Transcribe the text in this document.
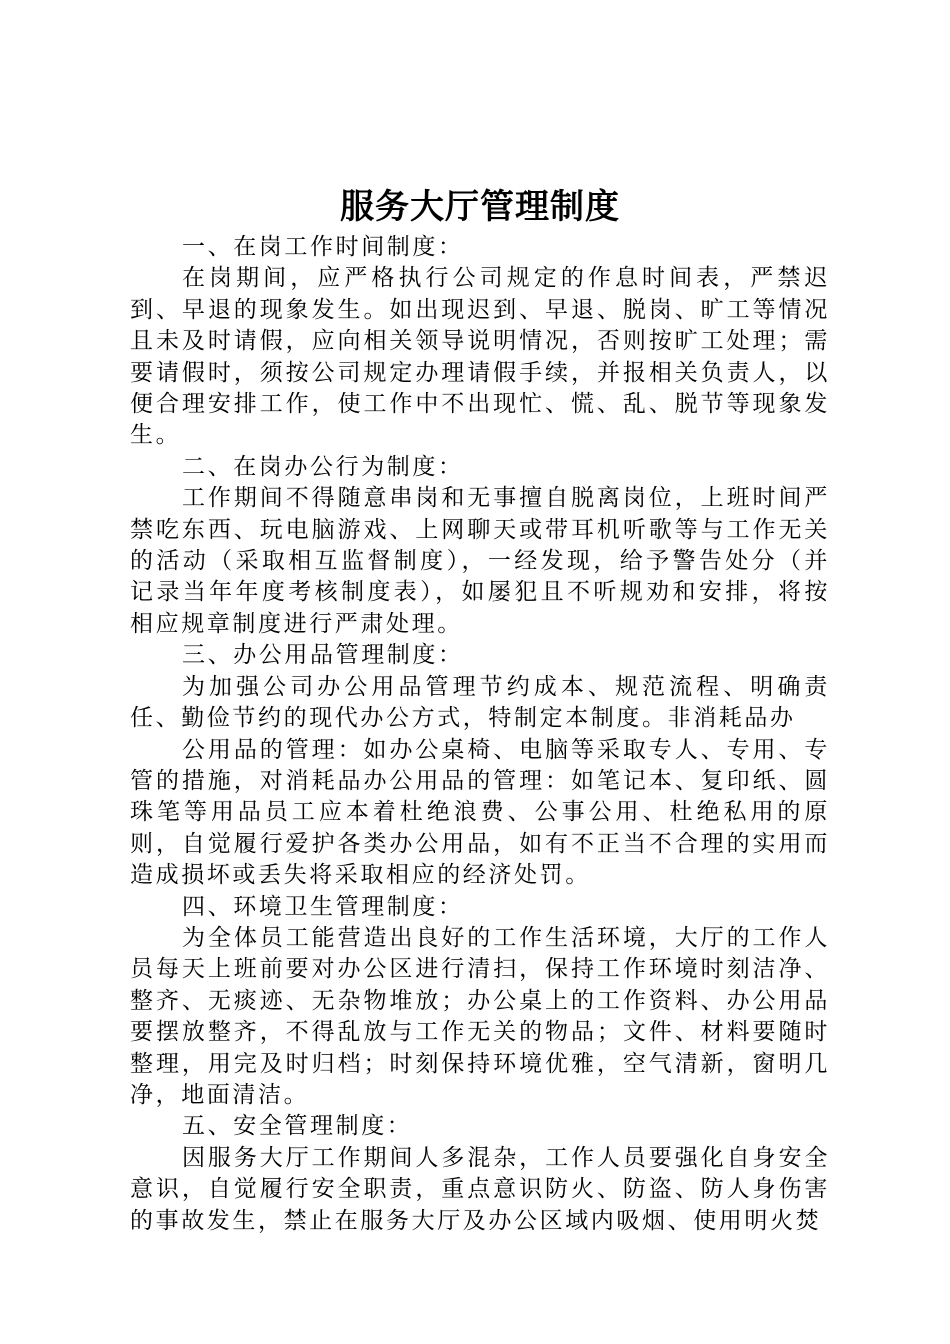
服务大厅管理制度

一、在岗工作时间制度：

在岗期间，应严格执行公司规定的作息时间表，严禁迟到、早退的现象发生。如出现迟到、早退、脱岗、旷工等情况且未及时请假，应向相关领导说明情况，否则按旷工处理；需要请假时，须按公司规定办理请假手续，并报相关负责人，以便合理安排工作，使工作中不出现忙、慌、乱、脱节等现象发生。

二、在岗办公行为制度：

工作期间不得随意串岗和无事擅自脱离岗位，上班时间严禁吃东西、玩电脑游戏、上网聊天或带耳机听歌等与工作无关的活动（采取相互监督制度），一经发现，给予警告处分（并记录当年年度考核制度表），如屡犯且不听规劝和安排，将按相应规章制度进行严肃处理。

三、办公用品管理制度：

为加强公司办公用品管理节约成本、规范流程、明确责任、勤俭节约的现代办公方式，特制定本制度。非消耗品办

公用品的管理：如办公桌椅、电脑等采取专人、专用、专管的措施，对消耗品办公用品的管理：如笔记本、复印纸、圆珠笔等用品员工应本着杜绝浪费、公事公用、杜绝私用的原则，自觉履行爱护各类办公用品，如有不正当不合理的实用而造成损坏或丢失将采取相应的经济处罚。

四、环境卫生管理制度：

为全体员工能营造出良好的工作生活环境，大厅的工作人员每天上班前要对办公区进行清扫，保持工作环境时刻洁净、整齐、无痰迹、无杂物堆放；办公桌上的工作资料、办公用品要摆放整齐，不得乱放与工作无关的物品；文件、材料要随时整理，用完及时归档；时刻保持环境优雅，空气清新，窗明几净，地面清洁。

五、安全管理制度：

因服务大厅工作期间人多混杂，工作人员要强化自身安全意识，自觉履行安全职责，重点意识防火、防盗、防人身伤害的事故发生，禁止在服务大厅及办公区域内吸烟、使用明火焚
